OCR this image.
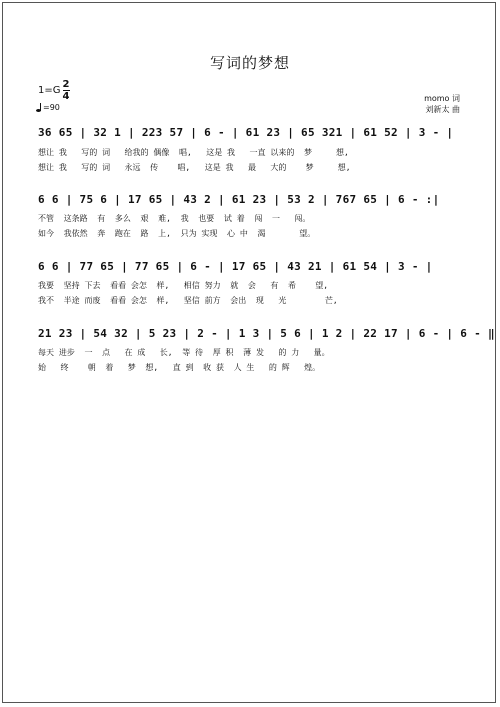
写词的梦想
$1=G \frac{2}{4}$
=90
momo 词
刘新太 曲
36 65 | 32 1 | 223 57 | 6 - | 61 23 | 65 321 | 61 52 | 3 - |
想让 我   写的 词   给我的 偶像  唱,   这是 我   一直 以来的  梦     想,
想让 我   写的 词   永远  传    唱,   这是 我   最   大的    梦     想,
6 6 | 75 6 | 17 65 | 43 2 | 61 23 | 53 2 | 767 65 | 6 - :|
不管  这条路  有  多么  艰  难,  我  也要  试 着  闯  一   闯。
如今  我依然  奔  跑在  路  上,  只为 实现  心 中  渴       望。
6 6 | 77 65 | 77 65 | 6 - | 17 65 | 43 21 | 61 54 | 3 - |
我要  坚持 下去  看看 会怎  样,   相信 努力  就  会   有  希    望,
我不  半途 而废  看看 会怎  样,   坚信 前方  会出  现   光        芒,
21 23 | 54 32 | 5 23 | 2 - | 1 3 | 5 6 | 1 2 | 22 17 | 6 - | 6 - ‖
每天 进步  一  点   在 成   长,  等 待  厚 积  薄 发   的 力   量。
始   终    朝  着   梦  想,   直 到  收 获  人 生   的 辉   煌。
